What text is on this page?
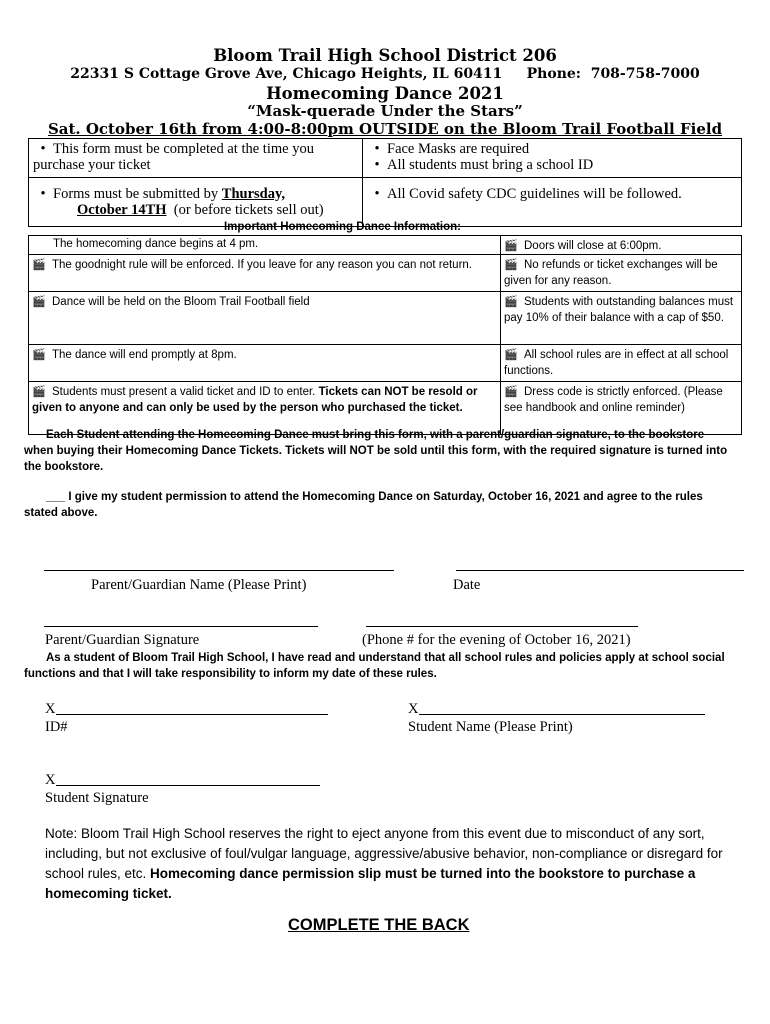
Bloom Trail High School District 206
22331 S Cottage Grove Ave, Chicago Heights, IL 60411     Phone:  708-758-7000
Homecoming Dance 2021
“Mask-querade Under the Stars”
Sat. October 16th from 4:00-8:00pm OUTSIDE on the Bloom Trail Football Field
• This form must be completed at the time you purchase your ticket	• Face Masks are required
• All students must bring a school ID

• Forms must be submitted by Thursday,
October 14TH  (or before tickets sell out)	• All Covid safety CDC guidelines will be followed.
Important Homecoming Dance Information:
The homecoming dance begins at 4 pm.	🎬 Doors will close at 6:00pm.
🎬 The goodnight rule will be enforced. If you leave for any reason you can not return.	🎬 No refunds or ticket exchanges will be given for any reason.
🎬 Dance will be held on the Bloom Trail Football field	🎬 Students with outstanding balances must pay 10% of their balance with a cap of $50.
🎬 The dance will end promptly at 8pm.	🎬 All school rules are in effect at all school functions.
🎬 Students must present a valid ticket and ID to enter. Tickets can NOT be resold or given to anyone and can only be used by the person who purchased the ticket.	🎬 Dress code is strictly enforced. (Please see handbook and online reminder)
Each Student attending the Homecoming Dance must bring this form, with a parent/guardian signature, to the bookstore when buying their Homecoming Dance Tickets. Tickets will NOT be sold until this form, with the required signature is turned into the bookstore.
___ I give my student permission to attend the Homecoming Dance on Saturday, October 16, 2021 and agree to the rules stated above.
Parent/Guardian Name (Please Print)	Date
Parent/Guardian Signature	(Phone # for the evening of October 16, 2021)
As a student of Bloom Trail High School, I have read and understand that all school rules and policies apply at school social functions and that I will take responsibility to inform my date of these rules.
X
ID#
X
Student Name (Please Print)
X
Student Signature
Note: Bloom Trail High School reserves the right to eject anyone from this event due to misconduct of any sort, including, but not exclusive of foul/vulgar language, aggressive/abusive behavior, non-compliance or disregard for school rules, etc. Homecoming dance permission slip must be turned into the bookstore to purchase a homecoming ticket.
COMPLETE THE BACK
